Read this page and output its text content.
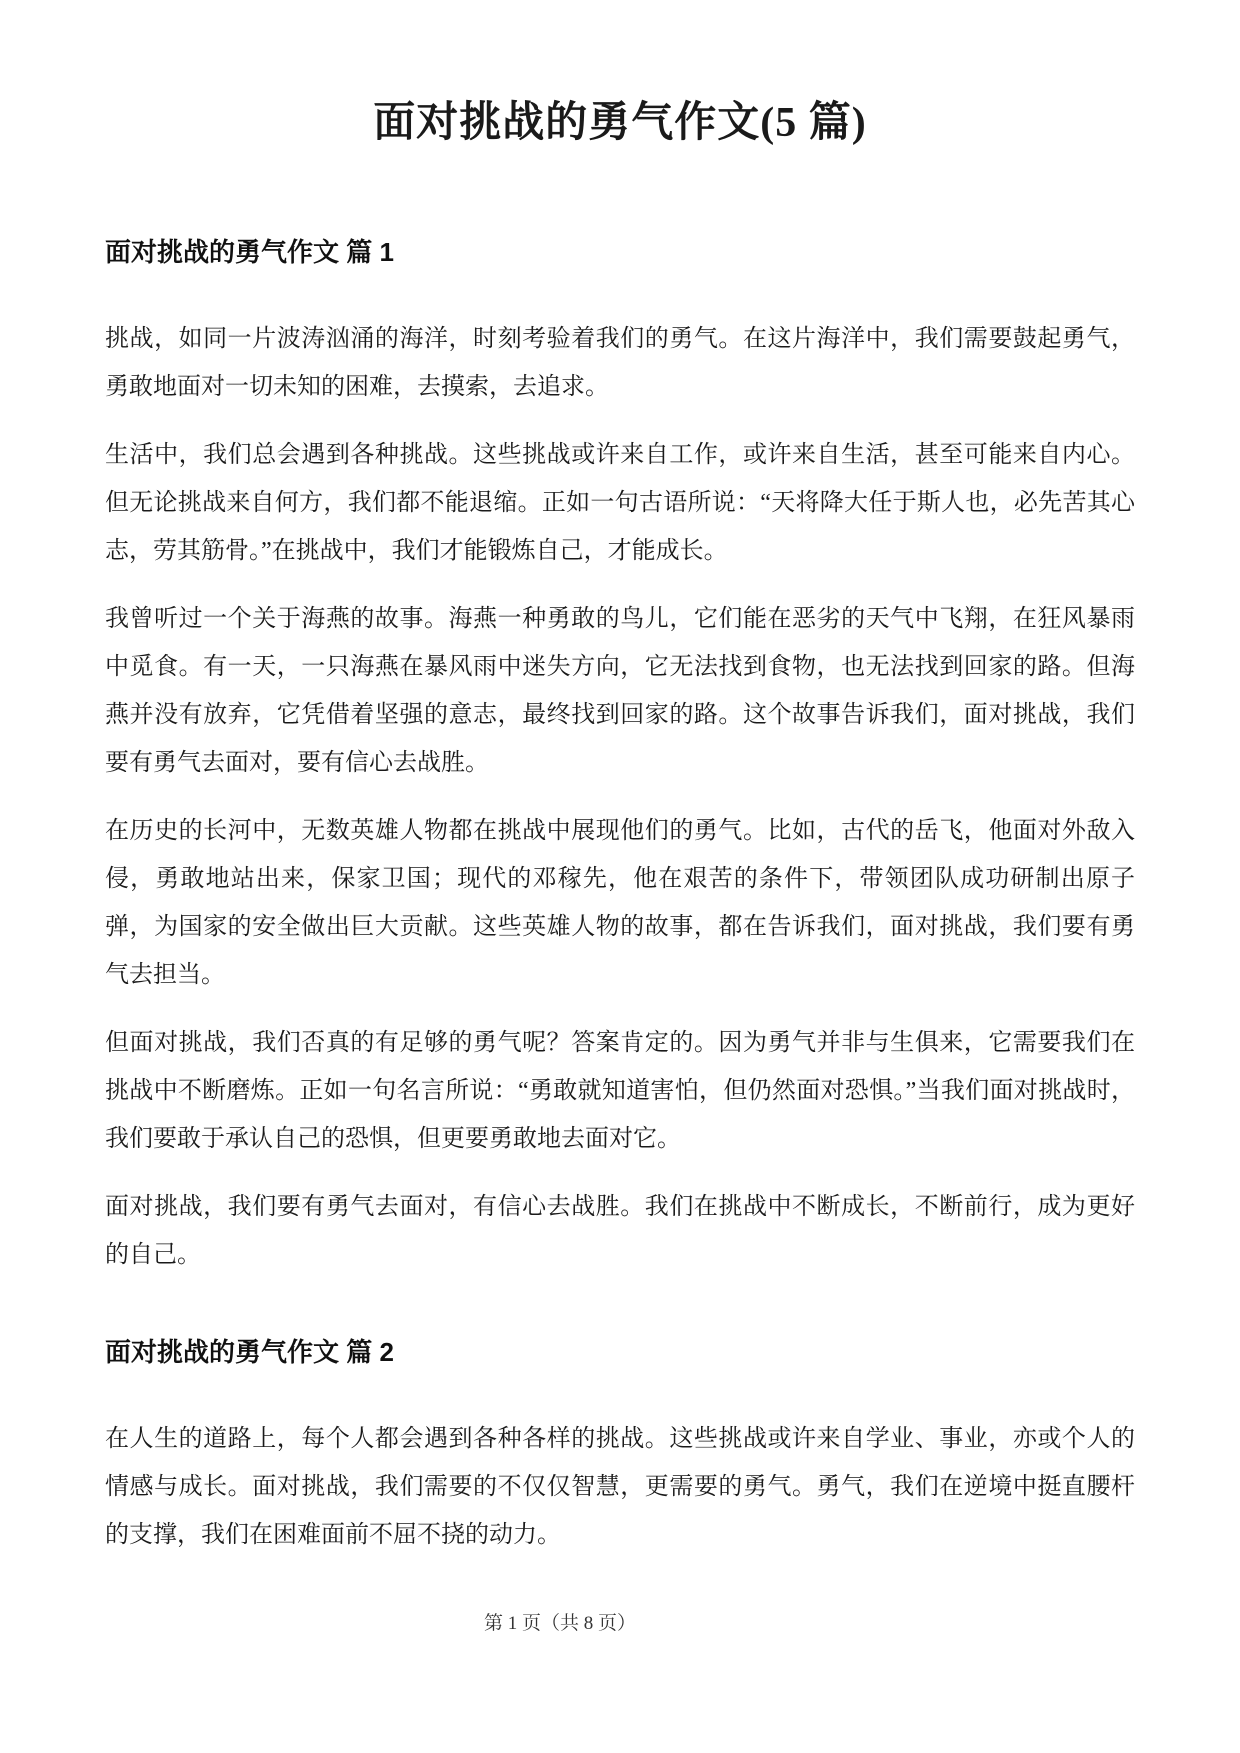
面对挑战的勇气作文(5 篇)
面对挑战的勇气作文 篇 1

挑战，如同一片波涛汹涌的海洋，时刻考验着我们的勇气。在这片海洋中，我们需要鼓起勇气，勇敢地面对一切未知的困难，去摸索，去追求。

生活中，我们总会遇到各种挑战。这些挑战或许来自工作，或许来自生活，甚至可能来自内心。但无论挑战来自何方，我们都不能退缩。正如一句古语所说：“天将降大任于斯人也，必先苦其心志，劳其筋骨。”在挑战中，我们才能锻炼自己，才能成长。

我曾听过一个关于海燕的故事。海燕一种勇敢的鸟儿，它们能在恶劣的天气中飞翔，在狂风暴雨中觅食。有一天，一只海燕在暴风雨中迷失方向，它无法找到食物，也无法找到回家的路。但海燕并没有放弃，它凭借着坚强的意志，最终找到回家的路。这个故事告诉我们，面对挑战，我们要有勇气去面对，要有信心去战胜。

在历史的长河中，无数英雄人物都在挑战中展现他们的勇气。比如，古代的岳飞，他面对外敌入侵，勇敢地站出来，保家卫国；现代的邓稼先，他在艰苦的条件下，带领团队成功研制出原子弹，为国家的安全做出巨大贡献。这些英雄人物的故事，都在告诉我们，面对挑战，我们要有勇气去担当。

但面对挑战，我们否真的有足够的勇气呢？答案肯定的。因为勇气并非与生俱来，它需要我们在挑战中不断磨炼。正如一句名言所说：“勇敢就知道害怕，但仍然面对恐惧。”当我们面对挑战时，我们要敢于承认自己的恐惧，但更要勇敢地去面对它。

面对挑战，我们要有勇气去面对，有信心去战胜。我们在挑战中不断成长，不断前行，成为更好的自己。

面对挑战的勇气作文 篇 2

在人生的道路上，每个人都会遇到各种各样的挑战。这些挑战或许来自学业、事业，亦或个人的情感与成长。面对挑战，我们需要的不仅仅智慧，更需要的勇气。勇气，我们在逆境中挺直腰杆的支撑，我们在困难面前不屈不挠的动力。

第 1 页（共 8 页）
